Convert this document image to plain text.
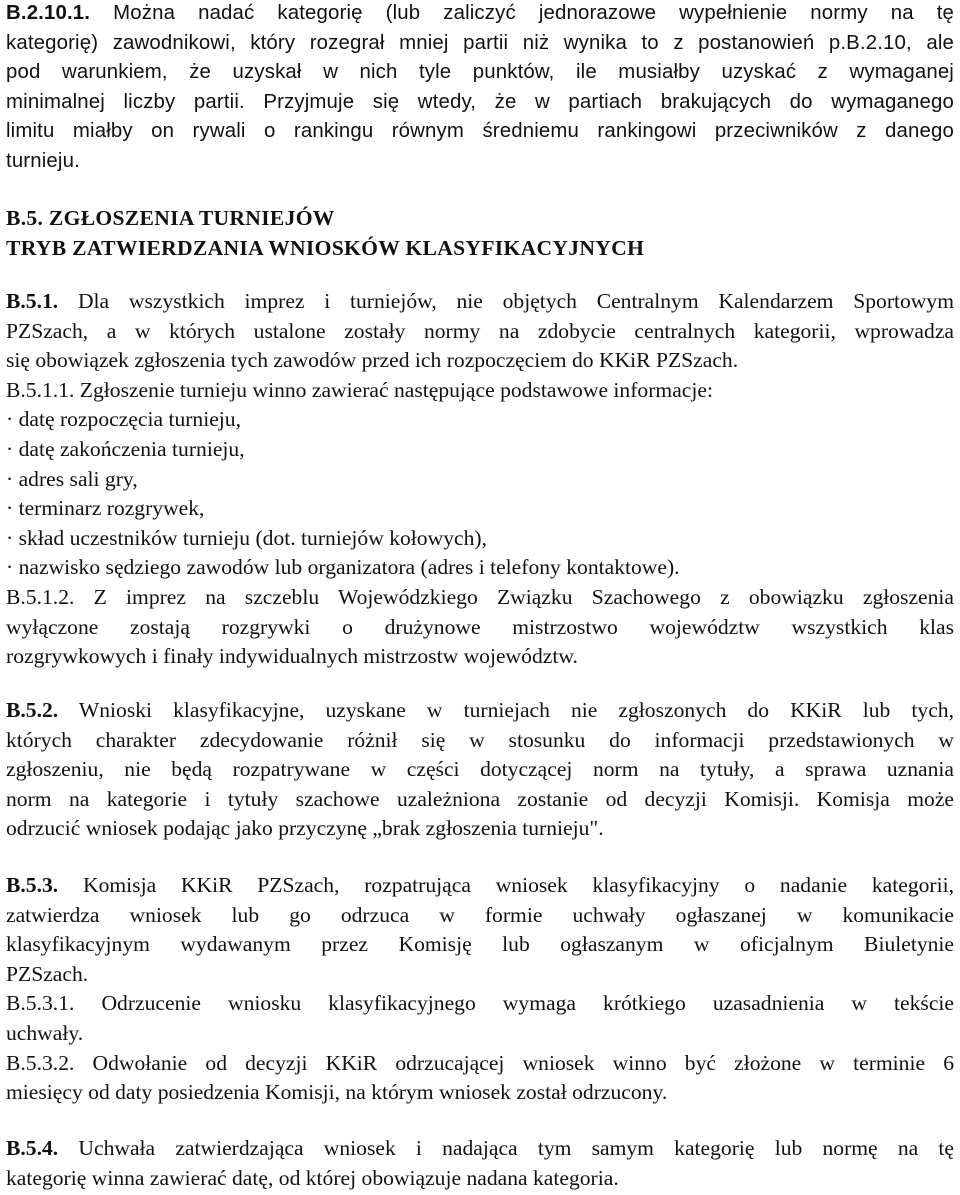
B.2.10.1. Można nadać kategorię (lub zaliczyć jednorazowe wypełnienie normy na tę
kategorię) zawodnikowi, który rozegrał mniej partii niż wynika to z postanowień p.B.2.10, ale
pod warunkiem, że uzyskał w nich tyle punktów, ile musiałby uzyskać z wymaganej
minimalnej liczby partii. Przyjmuje się wtedy, że w partiach brakujących do wymaganego
limitu miałby on rywali o rankingu równym średniemu rankingowi przeciwników z danego
turnieju.
B.5. ZGŁOSZENIA TURNIEJÓW
TRYB ZATWIERDZANIA WNIOSKÓW KLASYFIKACYJNYCH
B.5.1. Dla wszystkich imprez i turniejów, nie objętych Centralnym Kalendarzem Sportowym
PZSzach, a w których ustalone zostały normy na zdobycie centralnych kategorii, wprowadza
się obowiązek zgłoszenia tych zawodów przed ich rozpoczęciem do KKiR PZSzach.
B.5.1.1. Zgłoszenie turnieju winno zawierać następujące podstawowe informacje:
· datę rozpoczęcia turnieju,
· datę zakończenia turnieju,
· adres sali gry,
· terminarz rozgrywek,
· skład uczestników turnieju (dot. turniejów kołowych),
· nazwisko sędziego zawodów lub organizatora (adres i telefony kontaktowe).
B.5.1.2. Z imprez na szczeblu Wojewódzkiego Związku Szachowego z obowiązku zgłoszenia
wyłączone zostają rozgrywki o drużynowe mistrzostwo województw wszystkich klas
rozgrywkowych i finały indywidualnych mistrzostw województw.
B.5.2. Wnioski klasyfikacyjne, uzyskane w turniejach nie zgłoszonych do KKiR lub tych,
których charakter zdecydowanie różnił się w stosunku do informacji przedstawionych w
zgłoszeniu, nie będą rozpatrywane w części dotyczącej norm na tytuły, a sprawa uznania
norm na kategorie i tytuły szachowe uzależniona zostanie od decyzji Komisji. Komisja może
odrzucić wniosek podając jako przyczynę „brak zgłoszenia turnieju".
B.5.3. Komisja KKiR PZSzach, rozpatrująca wniosek klasyfikacyjny o nadanie kategorii,
zatwierdza wniosek lub go odrzuca w formie uchwały ogłaszanej w komunikacie
klasyfikacyjnym wydawanym przez Komisję lub ogłaszanym w oficjalnym Biuletynie
PZSzach.
B.5.3.1. Odrzucenie wniosku klasyfikacyjnego wymaga krótkiego uzasadnienia w tekście
uchwały.
B.5.3.2. Odwołanie od decyzji KKiR odrzucającej wniosek winno być złożone w terminie 6
miesięcy od daty posiedzenia Komisji, na którym wniosek został odrzucony.
B.5.4. Uchwała zatwierdzająca wniosek i nadająca tym samym kategorię lub normę na tę
kategorię winna zawierać datę, od której obowiązuje nadana kategoria.
